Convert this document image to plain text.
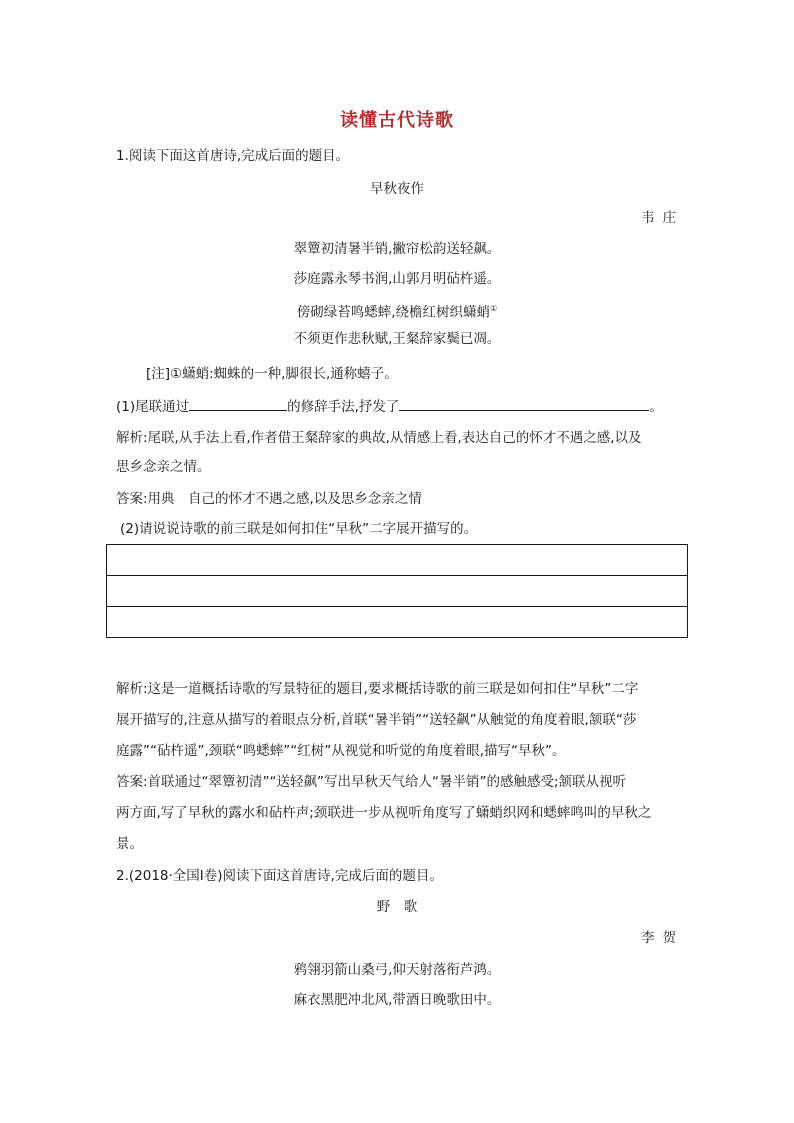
读懂古代诗歌
1.阅读下面这首唐诗,完成后面的题目。
早秋夜作
韦庄
翠簟初清暑半销,撇帘松韵送轻飙。
莎庭露永琴书润,山郭月明砧杵遥。
傍砌绿苔鸣蟋蟀,绕檐红树织蟏蛸①
不须更作悲秋赋,王粲辞家鬓已凋。
[注]①蟏蛸:蜘蛛的一种,脚很长,通称蟢子。
(1)尾联通过	的修辞手法,抒发了	。
解析:尾联,从手法上看,作者借王粲辞家的典故,从情感上看,表达自己的怀才不遇之感,以及
思乡念亲之情。
答案:用典　自己的怀才不遇之感,以及思乡念亲之情
(2)请说说诗歌的前三联是如何扣住“早秋”二字展开描写的。
解析:这是一道概括诗歌的写景特征的题目,要求概括诗歌的前三联是如何扣住“早秋”二字
展开描写的,注意从描写的着眼点分析,首联“暑半销”“送轻飙”从触觉的角度着眼,颔联“莎
庭露”“砧杵遥”,颈联“鸣蟋蟀”“红树”从视觉和听觉的角度着眼,描写“早秋”。
答案:首联通过“翠簟初清”“送轻飙”写出早秋天气给人“暑半销”的感触感受;颔联从视听
两方面,写了早秋的露水和砧杵声;颈联进一步从视听角度写了蟏蛸织网和蟋蟀鸣叫的早秋之
景。
2.(2018·全国Ⅰ卷)阅读下面这首唐诗,完成后面的题目。
野　歌
李贺
鸦翎羽箭山桑弓,仰天射落衔芦鸿。
麻衣黑肥冲北风,带酒日晚歌田中。
